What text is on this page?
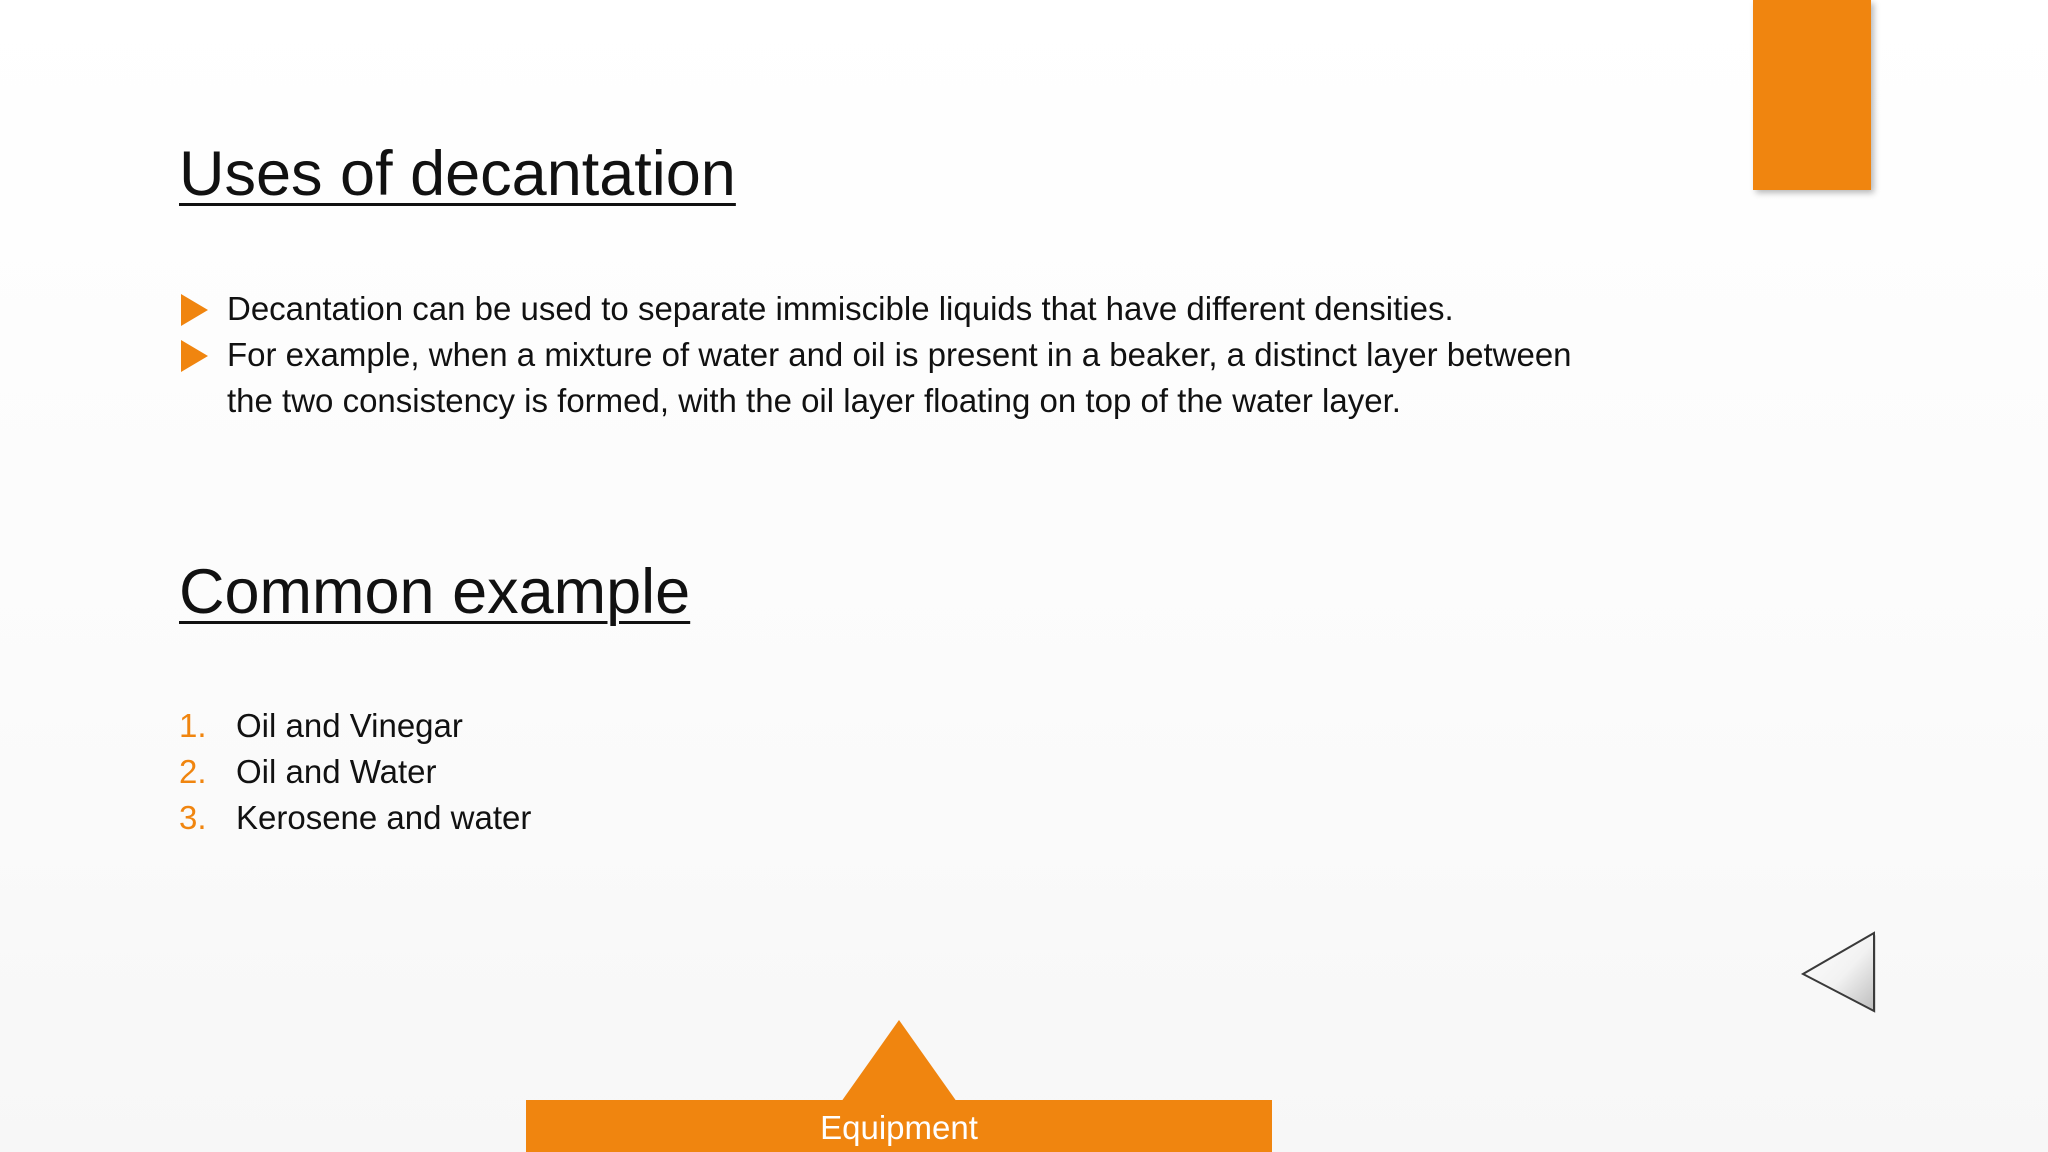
Uses of decantation
Decantation can be used to separate immiscible liquids that have different densities.
For example, when a mixture of water and oil is present in a beaker, a distinct layer between the two consistency is formed, with the oil layer floating on top of the water layer.
Common example
1. Oil and Vinegar
2. Oil and Water
3. Kerosene and water
Equipment
